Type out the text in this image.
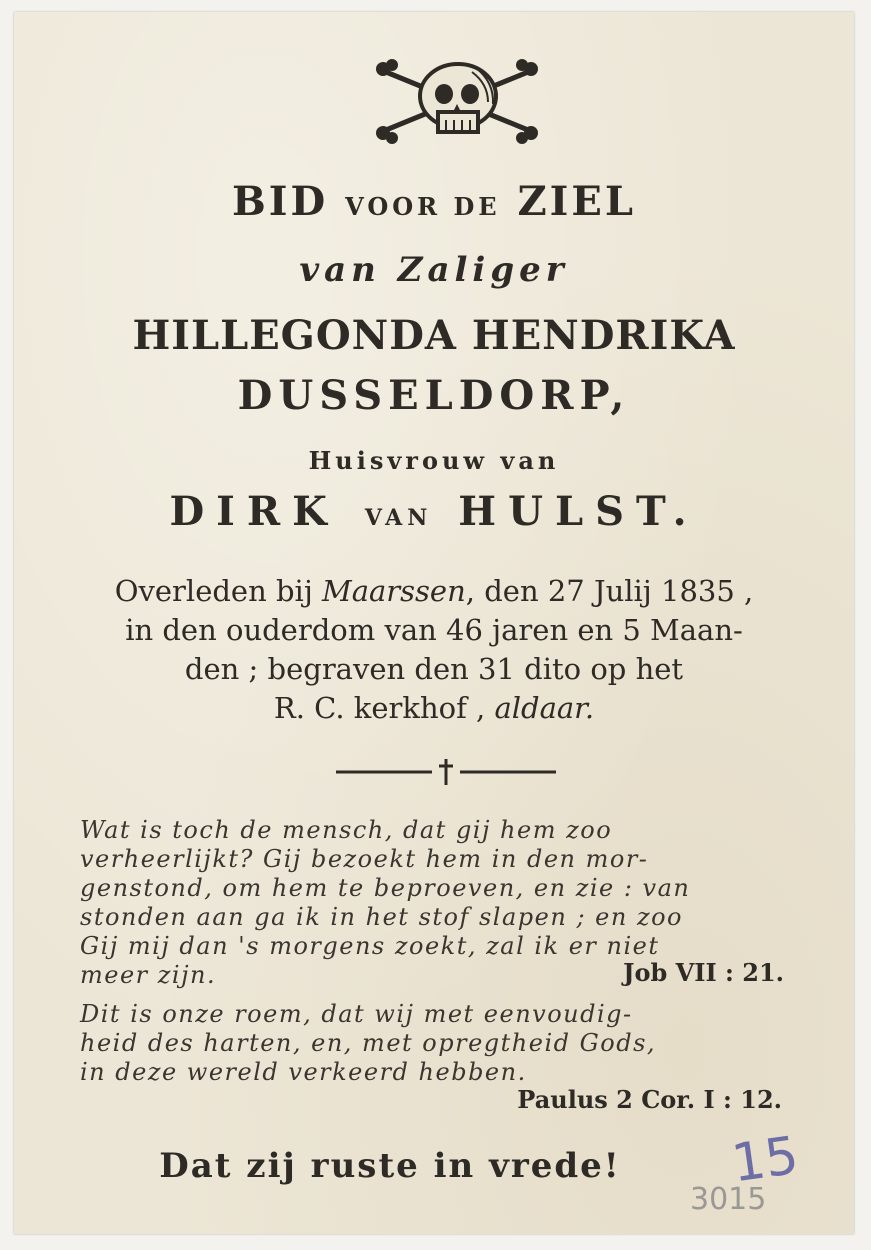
BID VOOR DE ZIEL
van Zaliger
HILLEGONDA HENDRIKA
DUSSELDORP,
Huisvrouw van
DIRK VAN HULST.
Overleden bij Maarssen, den 27 Julij 1835 ,
in den ouderdom van 46 jaren en 5 Maan-
den ; begraven den 31 dito op het
R. C. kerkhof , aldaar.
Wat is toch de mensch, dat gij hem zoo
verheerlijkt? Gij bezoekt hem in den mor-
genstond, om hem te beproeven, en zie : van
stonden aan ga ik in het stof slapen ; en zoo
Gij mij dan 's morgens zoekt, zal ik er niet
meer zijn.	Job VII : 21.
Dit is onze roem, dat wij met eenvoudig-
heid des harten, en, met opregtheid Gods,
in deze wereld verkeerd hebben.
Paulus 2 Cor. I : 12.
Dat zij ruste in vrede!	15
3015
